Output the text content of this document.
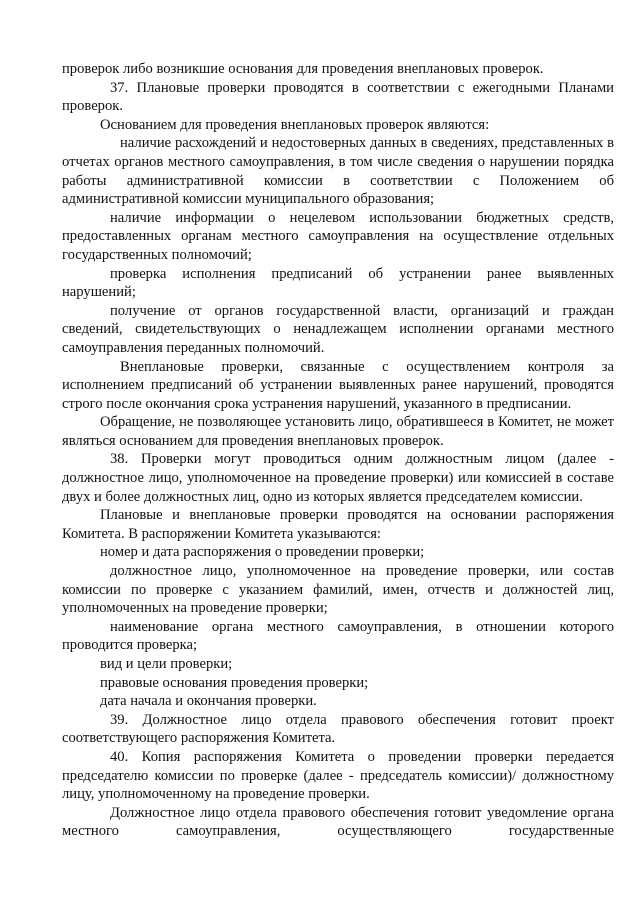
проверок либо возникшие основания для проведения внеплановых проверок.

37. Плановые проверки проводятся в соответствии с ежегодными Планами проверок.

Основанием для проведения внеплановых проверок являются:

наличие расхождений и недостоверных данных в сведениях, представленных в отчетах органов местного самоуправления, в том числе сведения о нарушении порядка работы административной комиссии в соответствии с Положением об административной комиссии муниципального образования;

наличие информации о нецелевом использовании бюджетных средств, предоставленных органам местного самоуправления на осуществление отдельных государственных полномочий;

проверка исполнения предписаний об устранении ранее выявленных нарушений;

получение от органов государственной власти, организаций и граждан сведений, свидетельствующих о ненадлежащем исполнении органами местного самоуправления переданных полномочий.

Внеплановые проверки, связанные с осуществлением контроля за исполнением предписаний об устранении выявленных ранее нарушений, проводятся строго после окончания срока устранения нарушений, указанного в предписании.

Обращение, не позволяющее установить лицо, обратившееся в Комитет, не может являться основанием для проведения внеплановых проверок.

38. Проверки могут проводиться одним должностным лицом (далее - должностное лицо, уполномоченное на проведение проверки) или комиссией в составе двух и более должностных лиц, одно из которых является председателем комиссии.

Плановые и внеплановые проверки проводятся на основании распоряжения Комитета. В распоряжении Комитета указываются:

номер и дата распоряжения о проведении проверки;

должностное лицо, уполномоченное на проведение проверки, или состав комиссии по проверке с указанием фамилий, имен, отчеств и должностей лиц, уполномоченных на проведение проверки;

наименование органа местного самоуправления, в отношении которого проводится проверка;

вид и цели проверки;

правовые основания проведения проверки;

дата начала и окончания проверки.

39. Должностное лицо отдела правового обеспечения готовит проект соответствующего распоряжения Комитета.

40. Копия распоряжения Комитета о проведении проверки передается председателю комиссии по проверке (далее - председатель комиссии)/ должностному лицу, уполномоченному на проведение проверки.

Должностное лицо отдела правового обеспечения готовит уведомление органа местного самоуправления, осуществляющего государственные
